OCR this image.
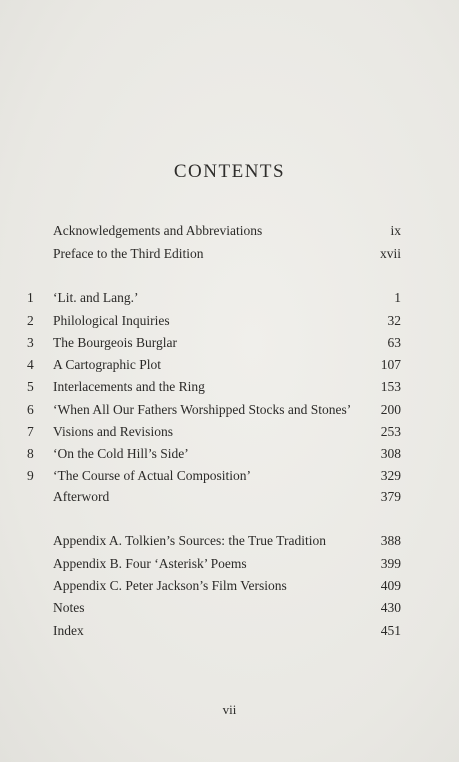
CONTENTS
Acknowledgements and Abbreviations	ix
Preface to the Third Edition	xvii
1	‘Lit. and Lang.’	1
2	Philological Inquiries	32
3	The Bourgeois Burglar	63
4	A Cartographic Plot	107
5	Interlacements and the Ring	153
6	‘When All Our Fathers Worshipped Stocks and Stones’ 200
7	Visions and Revisions	253
8	‘On the Cold Hill’s Side’	308
9	‘The Course of Actual Composition’	329
Afterword	379
Appendix A. Tolkien’s Sources: the True Tradition	388
Appendix B. Four ‘Asterisk’ Poems	399
Appendix C. Peter Jackson’s Film Versions	409
Notes	430
Index	451
vii
